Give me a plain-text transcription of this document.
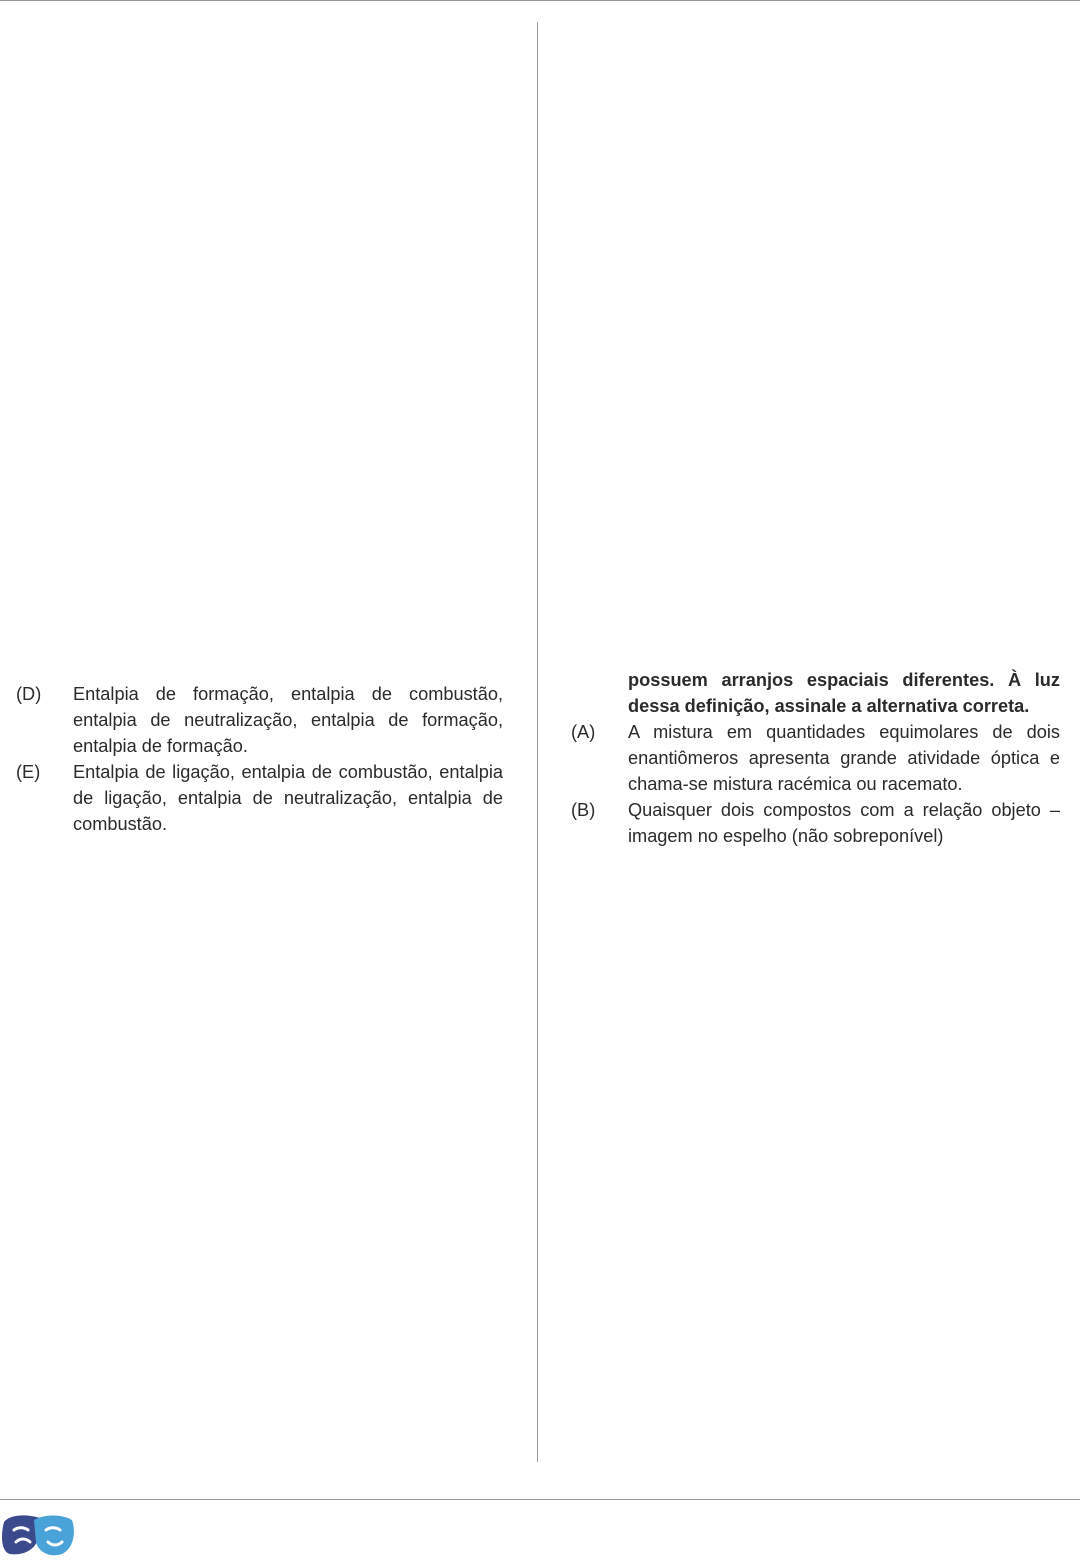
(D)	Entalpia de formação, entalpia de combustão, entalpia de neutralização, entalpia de formação, entalpia de formação.
(E)	Entalpia de ligação, entalpia de combustão, entalpia de ligação, entalpia de neutralização, entalpia de combustão.
possuem arranjos espaciais diferentes. À luz dessa definição, assinale a alternativa correta.
(A)	A mistura em quantidades equimolares de dois enantiômeros apresenta grande atividade óptica e chama-se mistura racémica ou racemato.
(B)	Quaisquer dois compostos com a relação objeto – imagem no espelho (não sobreponível)
